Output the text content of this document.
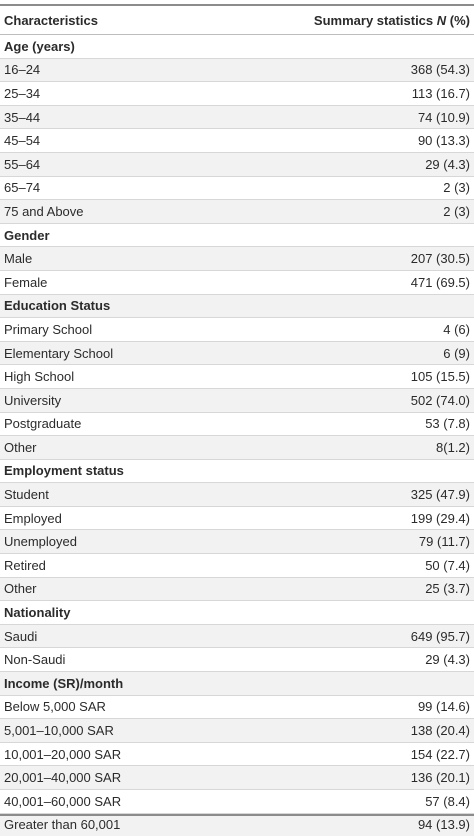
Characteristics	Summary statistics N (%)
Age (years)	
16–24	368 (54.3)
25–34	113 (16.7)
35–44	74 (10.9)
45–54	90 (13.3)
55–64	29 (4.3)
65–74	2 (3)
75 and Above	2 (3)
Gender	
Male	207 (30.5)
Female	471 (69.5)
Education Status	
Primary School	4 (6)
Elementary School	6 (9)
High School	105 (15.5)
University	502 (74.0)
Postgraduate	53 (7.8)
Other	8(1.2)
Employment status	
Student	325 (47.9)
Employed	199 (29.4)
Unemployed	79 (11.7)
Retired	50 (7.4)
Other	25 (3.7)
Nationality	
Saudi	649 (95.7)
Non-Saudi	29 (4.3)
Income (SR)/month	
Below 5,000 SAR	99 (14.6)
5,001–10,000 SAR	138 (20.4)
10,001–20,000 SAR	154 (22.7)
20,001–40,000 SAR	136 (20.1)
40,001–60,000 SAR	57 (8.4)
Greater than 60,001	94 (13.9)
